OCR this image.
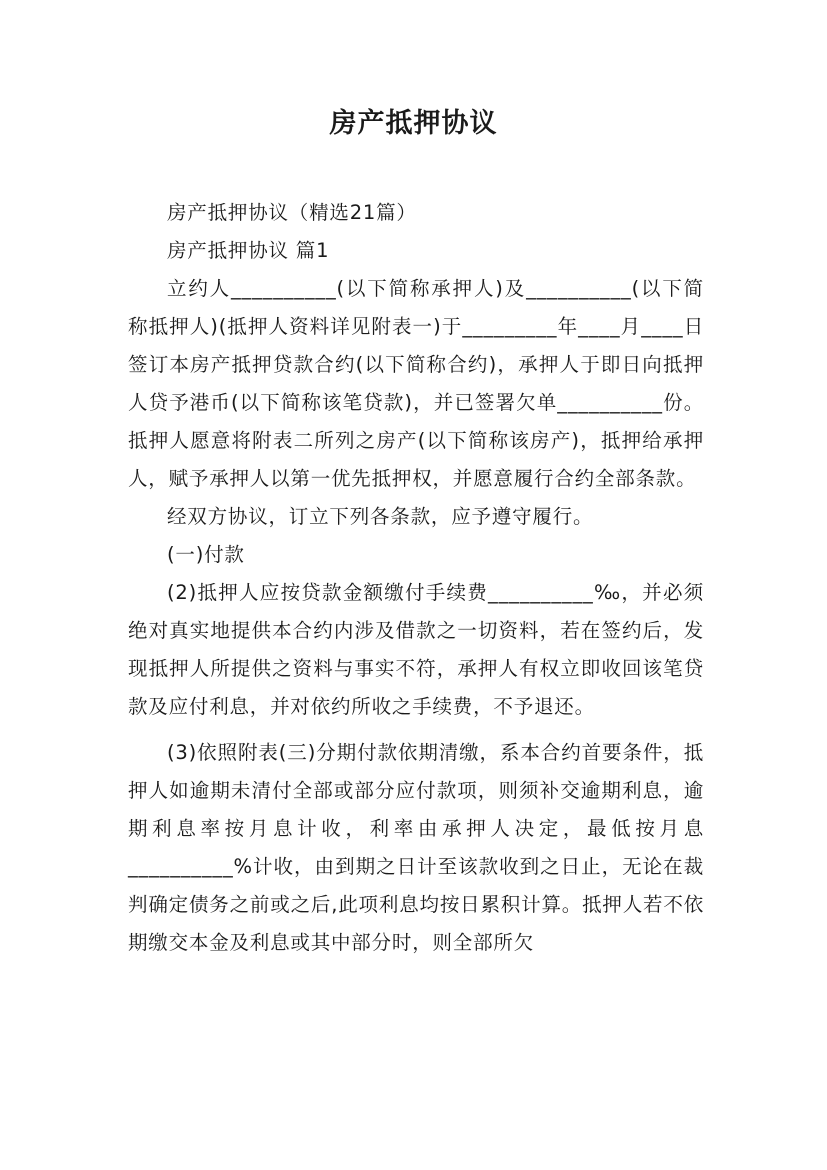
房产抵押协议

房产抵押协议（精选21篇）

房产抵押协议 篇1

立约人__________(以下简称承押人)及__________(以下简称抵押人)(抵押人资料详见附表一)于_________年____月____日签订本房产抵押贷款合约(以下简称合约)，承押人于即日向抵押人贷予港币(以下简称该笔贷款)，并已签署欠单__________份。抵押人愿意将附表二所列之房产(以下简称该房产)，抵押给承押人，赋予承押人以第一优先抵押权，并愿意履行合约全部条款。

经双方协议，订立下列各条款，应予遵守履行。

(一)付款

(2)抵押人应按贷款金额缴付手续费__________‰，并必须绝对真实地提供本合约内涉及借款之一切资料，若在签约后，发现抵押人所提供之资料与事实不符，承押人有权立即收回该笔贷款及应付利息，并对依约所收之手续费，不予退还。

(3)依照附表(三)分期付款依期清缴，系本合约首要条件，抵押人如逾期未清付全部或部分应付款项，则须补交逾期利息，逾期利息率按月息计收，利率由承押人决定，最低按月息__________%计收，由到期之日计至该款收到之日止，无论在裁判确定债务之前或之后,此项利息均按日累积计算。抵押人若不依期缴交本金及利息或其中部分时，则全部所欠
